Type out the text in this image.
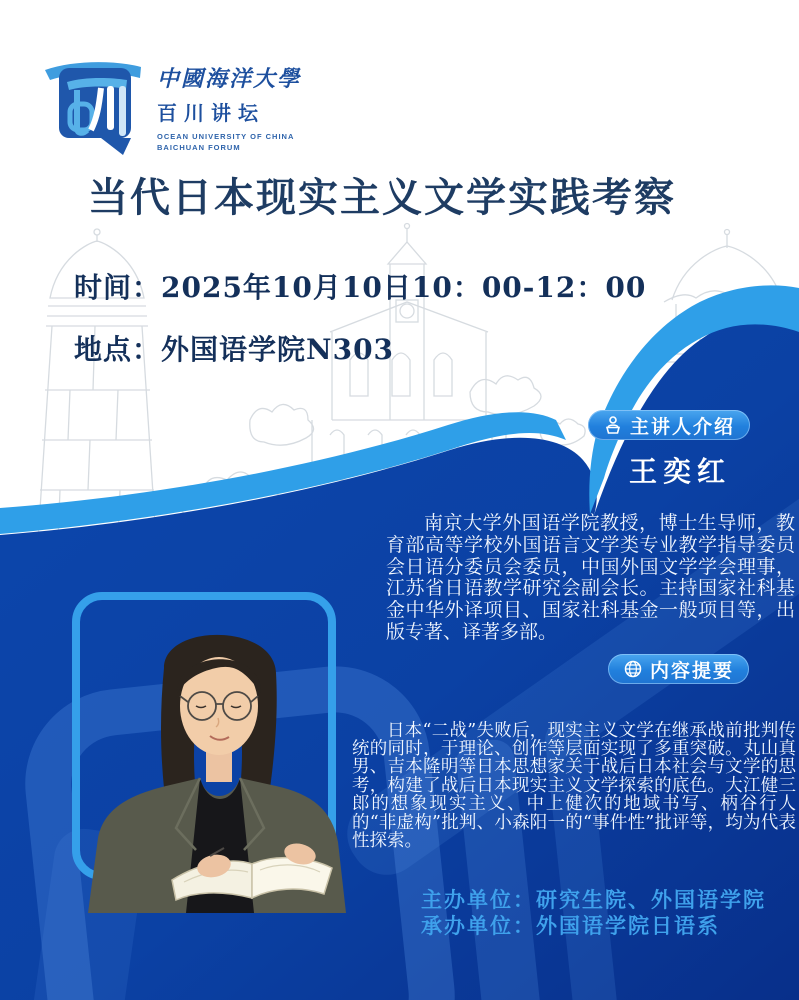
中國海洋大學
百川讲坛
OCEAN UNIVERSITY OF CHINA
BAICHUAN FORUM
当代日本现实主义文学实践考察
时间：2025年10月10日10：00-12：00
地点：外国语学院N303
主讲人介绍
王奕红

南京大学外国语学院教授，博士生导师，教育部高等学校外国语言文学类专业教学指导委员会日语分委员会委员，中国外国文学学会理事，江苏省日语教学研究会副会长。主持国家社科基金中华外译项目、国家社科基金一般项目等，出版专著、译著多部。

内容提要

日本“二战”失败后，现实主义文学在继承战前批判传统的同时，于理论、创作等层面实现了多重突破。丸山真男、吉本隆明等日本思想家关于战后日本社会与文学的思考，构建了战后日本现实主义文学探索的底色。大江健三郎的想象现实主义、中上健次的地域书写、柄谷行人的“非虚构”批判、小森阳一的“事件性”批评等，均为代表性探索。

主办单位：研究生院、外国语学院
承办单位：外国语学院日语系
